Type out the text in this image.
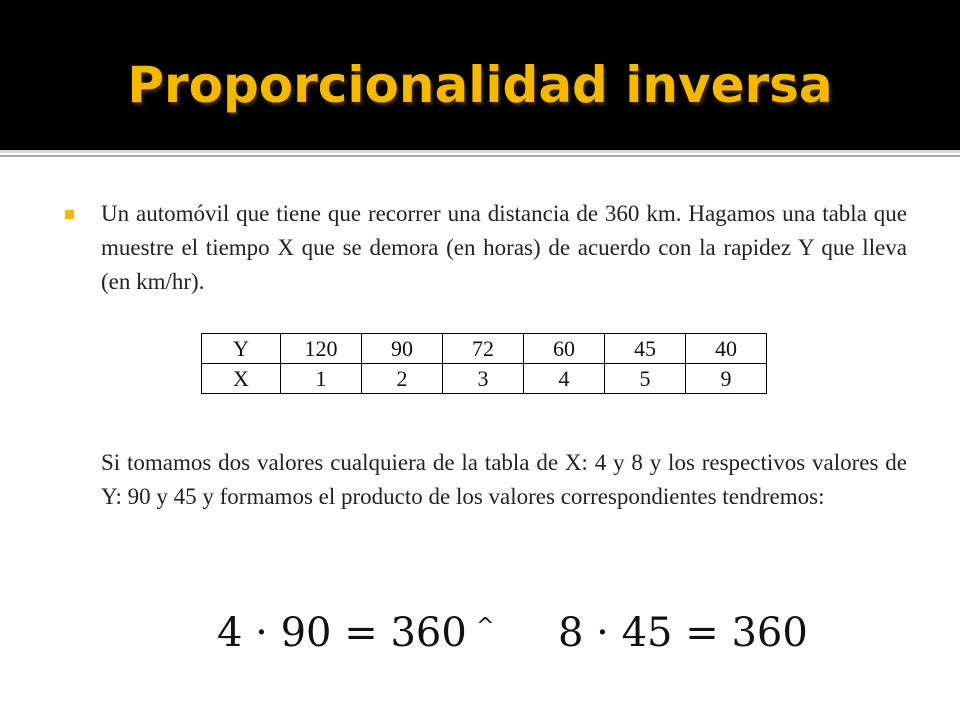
Proporcionalidad inversa
Un automóvil que tiene que recorrer una distancia de 360 km. Hagamos una tabla que muestre el tiempo X que se demora (en horas) de acuerdo con la rapidez Y que lleva (en km/hr).
Y	120	90	72	60	45	40
X	1	2	3	4	5	9
Si tomamos dos valores cualquiera de la tabla de X: 4 y 8 y los respectivos valores de Y: 90 y 45 y formamos el producto de los valores correspondientes tendremos:
4 · 90 = 360 ^ 8 · 45 = 360
